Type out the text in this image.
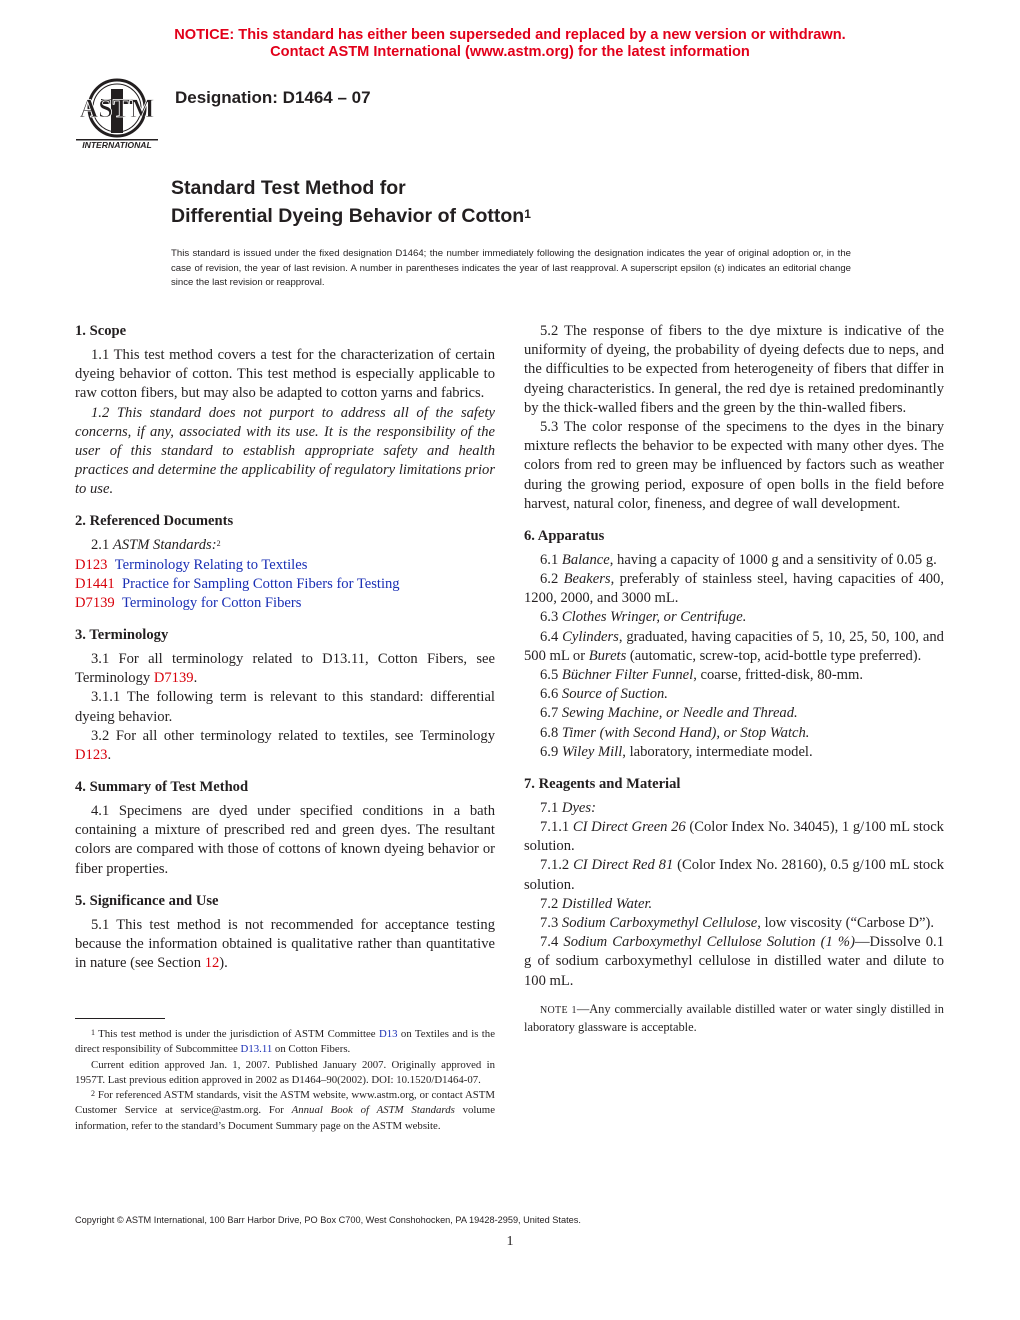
NOTICE: This standard has either been superseded and replaced by a new version or withdrawn.
Contact ASTM International (www.astm.org) for the latest information
ASTM
INTERNATIONAL
Designation: D1464 – 07
Standard Test Method for
Differential Dyeing Behavior of Cotton$^1$
This standard is issued under the fixed designation D1464; the number immediately following the designation indicates the year of original adoption or, in the case of revision, the year of last revision. A number in parentheses indicates the year of last reapproval. A superscript epsilon (ε) indicates an editorial change since the last revision or reapproval.
1. Scope

1.1 This test method covers a test for the characterization of certain dyeing behavior of cotton. This test method is especially applicable to raw cotton fibers, but may also be adapted to cotton yarns and fabrics.

1.2 This standard does not purport to address all of the safety concerns, if any, associated with its use. It is the responsibility of the user of this standard to establish appropriate safety and health practices and determine the applicability of regulatory limitations prior to use.

2. Referenced Documents

2.1 ASTM Standards:$^2$

D123 Terminology Relating to Textiles

D1441 Practice for Sampling Cotton Fibers for Testing

D7139 Terminology for Cotton Fibers

3. Terminology

3.1 For all terminology related to D13.11, Cotton Fibers, see Terminology D7139.

3.1.1 The following term is relevant to this standard: differential dyeing behavior.

3.2 For all other terminology related to textiles, see Terminology D123.

4. Summary of Test Method

4.1 Specimens are dyed under specified conditions in a bath containing a mixture of prescribed red and green dyes. The resultant colors are compared with those of cottons of known dyeing behavior or fiber properties.

5. Significance and Use

5.1 This test method is not recommended for acceptance testing because the information obtained is qualitative rather than quantitative in nature (see Section 12).

$^1$ This test method is under the jurisdiction of ASTM Committee D13 on Textiles and is the direct responsibility of Subcommittee D13.11 on Cotton Fibers.

Current edition approved Jan. 1, 2007. Published January 2007. Originally approved in 1957T. Last previous edition approved in 2002 as D1464–90(2002). DOI: 10.1520/D1464-07.

$^2$ For referenced ASTM standards, visit the ASTM website, www.astm.org, or contact ASTM Customer Service at service@astm.org. For Annual Book of ASTM Standards volume information, refer to the standard’s Document Summary page on the ASTM website.

5.2 The response of fibers to the dye mixture is indicative of the uniformity of dyeing, the probability of dyeing defects due to neps, and the difficulties to be expected from heterogeneity of fibers that differ in dyeing characteristics. In general, the red dye is retained predominantly by the thick-walled fibers and the green by the thin-walled fibers.

5.3 The color response of the specimens to the dyes in the binary mixture reflects the behavior to be expected with many other dyes. The colors from red to green may be influenced by factors such as weather during the growing period, exposure of open bolls in the field before harvest, natural color, fineness, and degree of wall development.

6. Apparatus

6.1 Balance, having a capacity of 1000 g and a sensitivity of 0.05 g.

6.2 Beakers, preferably of stainless steel, having capacities of 400, 1200, 2000, and 3000 mL.

6.3 Clothes Wringer, or Centrifuge.

6.4 Cylinders, graduated, having capacities of 5, 10, 25, 50, 100, and 500 mL or Burets (automatic, screw-top, acid-bottle type preferred).

6.5 Büchner Filter Funnel, coarse, fritted-disk, 80-mm.

6.6 Source of Suction.

6.7 Sewing Machine, or Needle and Thread.

6.8 Timer (with Second Hand), or Stop Watch.

6.9 Wiley Mill, laboratory, intermediate model.

7. Reagents and Material

7.1 Dyes:

7.1.1 CI Direct Green 26 (Color Index No. 34045), 1 g/100 mL stock solution.

7.1.2 CI Direct Red 81 (Color Index No. 28160), 0.5 g/100 mL stock solution.

7.2 Distilled Water.

7.3 Sodium Carboxymethyl Cellulose, low viscosity (“Carbose D”).

7.4 Sodium Carboxymethyl Cellulose Solution (1 %)—Dissolve 0.1 g of sodium carboxymethyl cellulose in distilled water and dilute to 100 mL.

NOTE 1—Any commercially available distilled water or water singly distilled in laboratory glassware is acceptable.

Copyright © ASTM International, 100 Barr Harbor Drive, PO Box C700, West Conshohocken, PA 19428-2959, United States.
1
